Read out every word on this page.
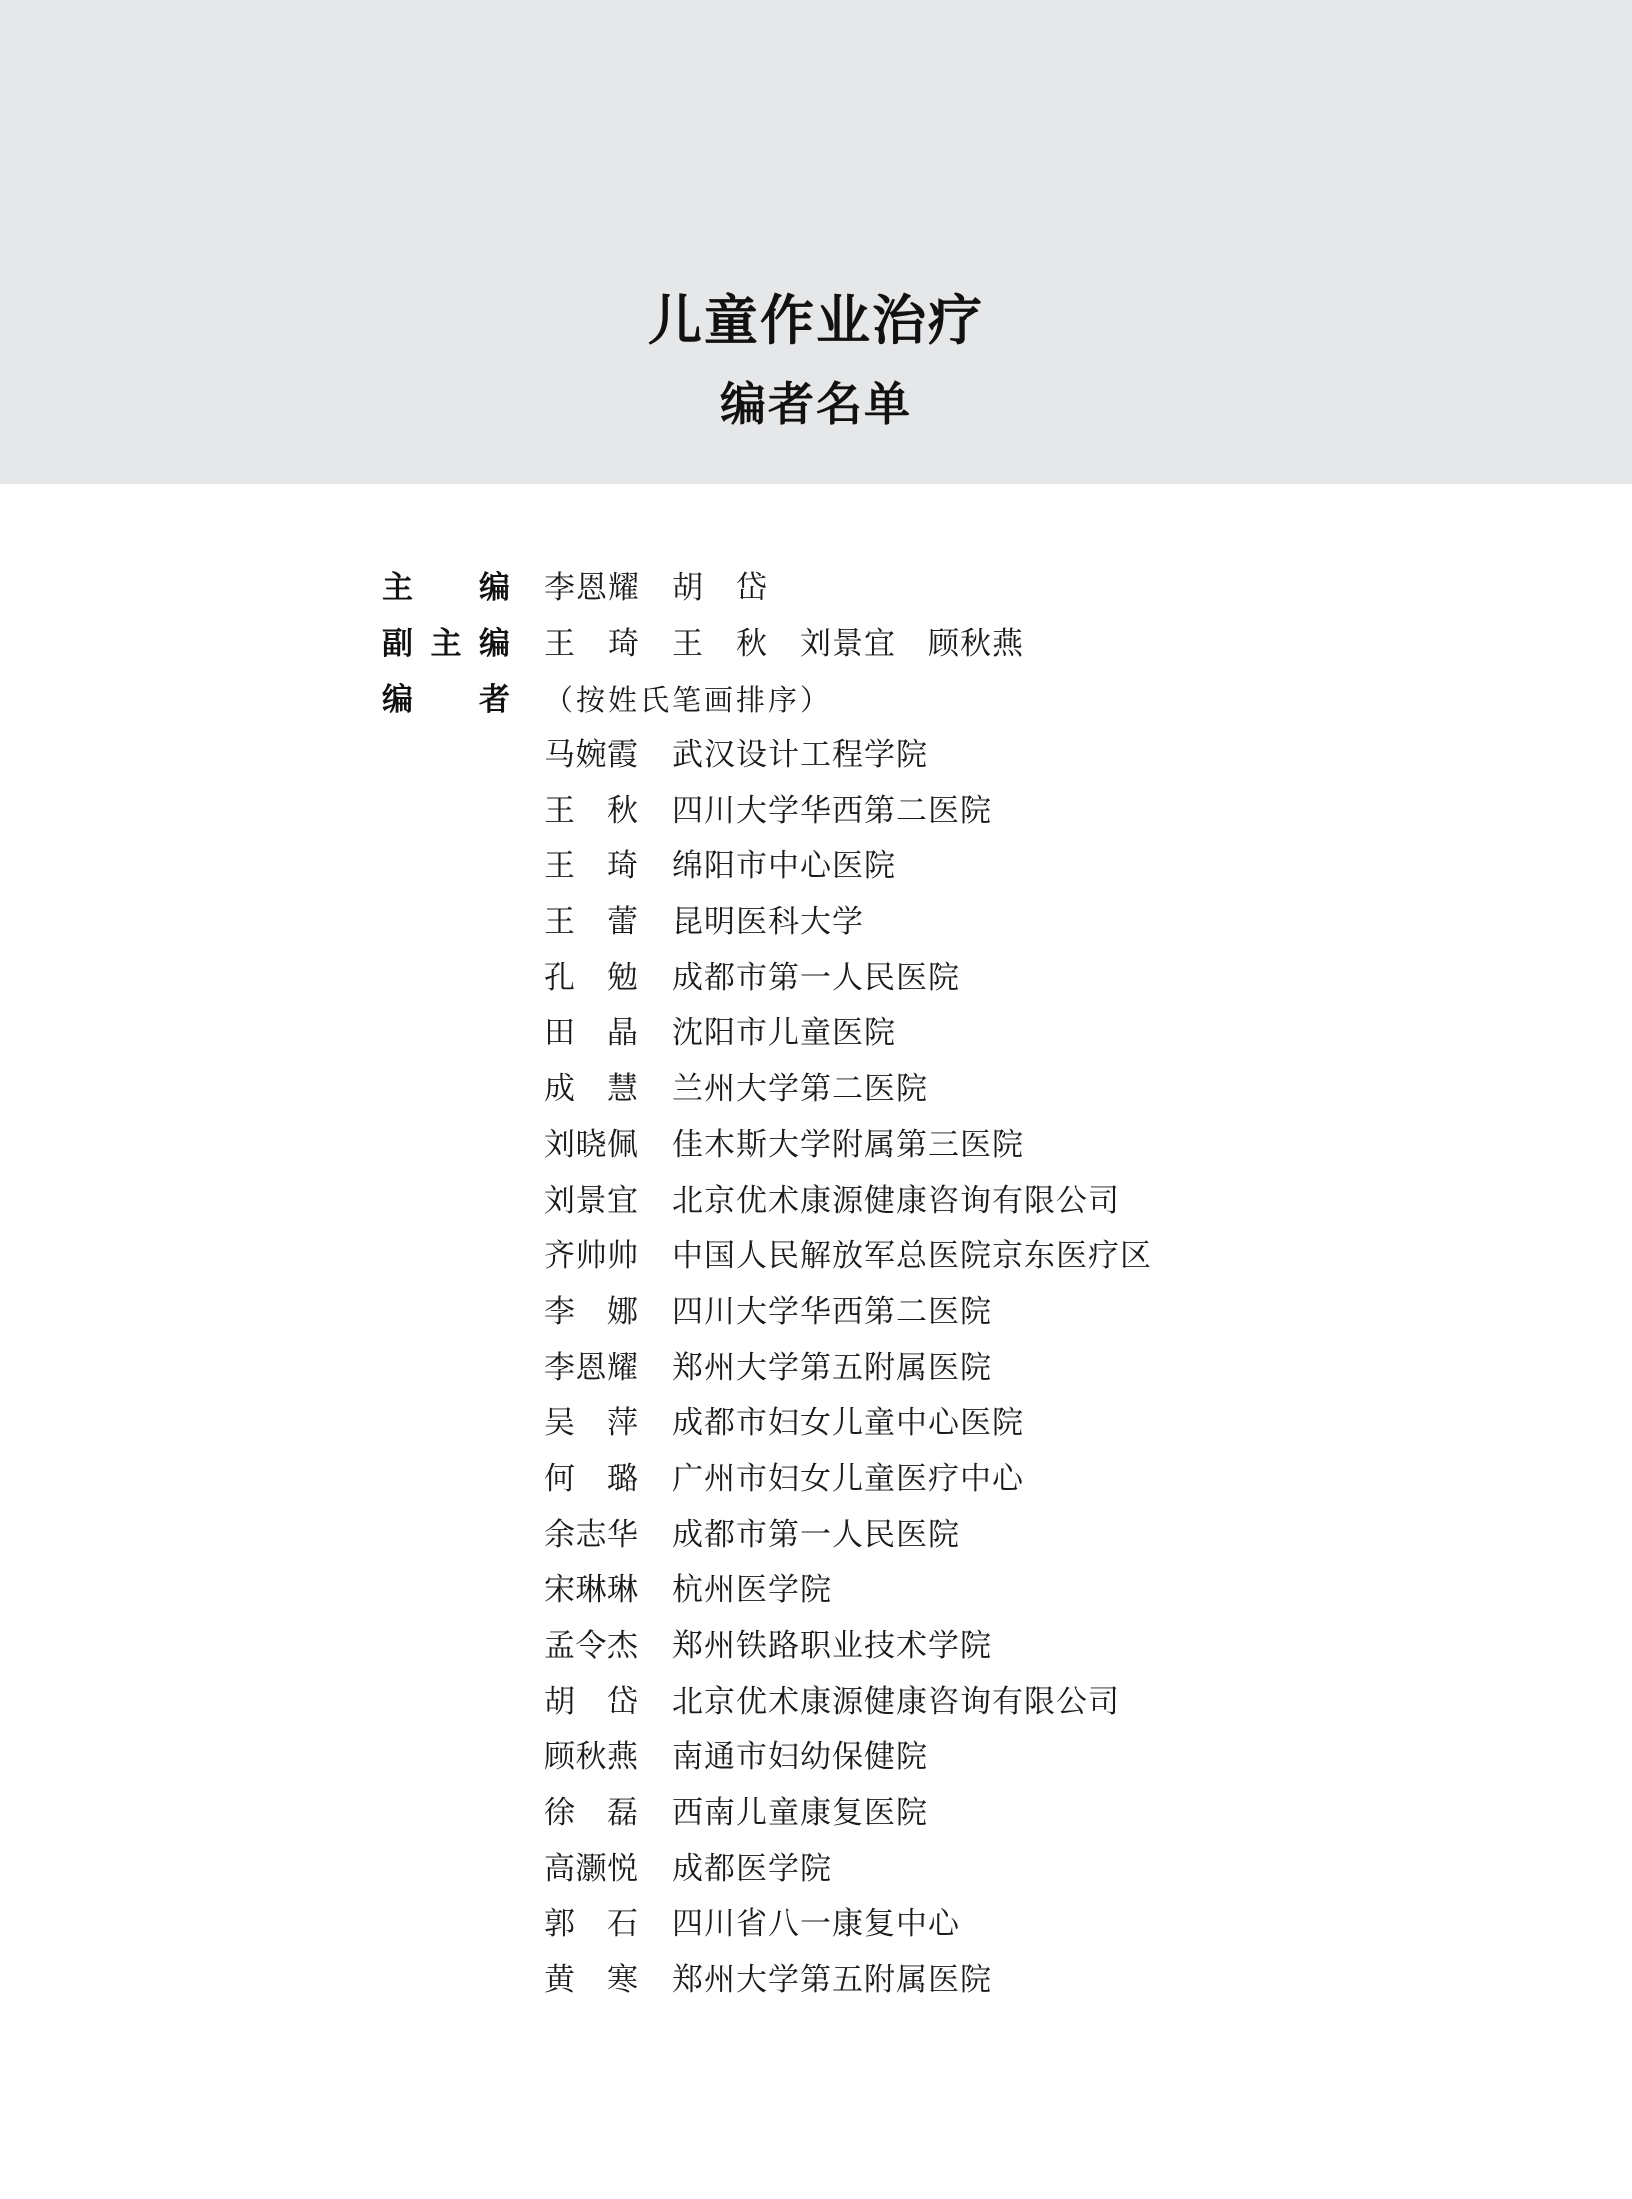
儿童作业治疗
编者名单
主 编 李恩耀　胡　岱
副 主 编 王　琦　王　秋　刘景宜　顾秋燕
编 者 （按姓氏笔画排序）
马 婉 霞 武汉设计工程学院
王 秋 四川大学华西第二医院
王 琦 绵阳市中心医院
王 蕾 昆明医科大学
孔 勉 成都市第一人民医院
田 晶 沈阳市儿童医院
成 慧 兰州大学第二医院
刘 晓 佩 佳木斯大学附属第三医院
刘 景 宜 北京优术康源健康咨询有限公司
齐 帅 帅 中国人民解放军总医院京东医疗区
李 娜 四川大学华西第二医院
李 恩 耀 郑州大学第五附属医院
吴 萍 成都市妇女儿童中心医院
何 璐 广州市妇女儿童医疗中心
余 志 华 成都市第一人民医院
宋 琳 琳 杭州医学院
孟 令 杰 郑州铁路职业技术学院
胡 岱 北京优术康源健康咨询有限公司
顾 秋 燕 南通市妇幼保健院
徐 磊 西南儿童康复医院
高 灏 悦 成都医学院
郭 石 四川省八一康复中心
黄 寒 郑州大学第五附属医院
